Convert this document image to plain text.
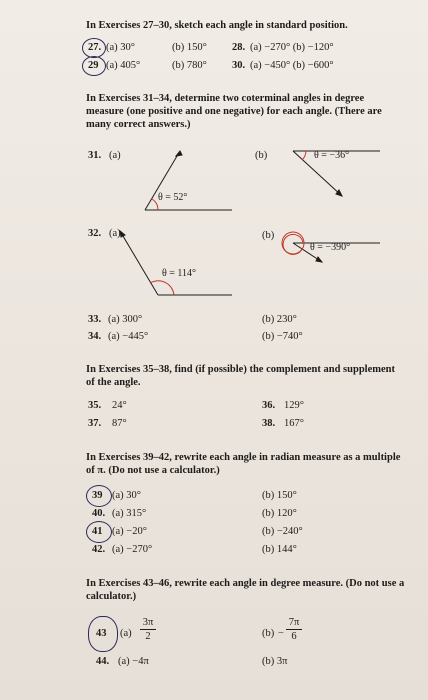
In Exercises 27–30, sketch each angle in standard position.
27. (a) 30°	(b) 150° 28. (a) −270° (b) −120°
29 (a) 405°	(b) 780° 30. (a) −450° (b) −600°
In Exercises 31–34, determine two coterminal angles in degree measure (one positive and one negative) for each angle. (There are many correct answers.)
31. (a)	(b)
θ = 52°
θ = −36°
32. (a)	(b)
θ = 114°
θ = −390°
33. (a) 300°	(b) 230°
34. (a) −445°	(b) −740°
In Exercises 35–38, find (if possible) the complement and supplement of the angle.
35. 24°	36. 129°
37. 87°	38. 167°
In Exercises 39–42, rewrite each angle in radian measure as a multiple of π. (Do not use a calculator.)
39 (a) 30°	(b) 150°
40. (a) 315°	(b) 120°
41 (a) −20°	(b) −240°
42. (a) −270°	(b) 144°
In Exercises 43–46, rewrite each angle in degree measure. (Do not use a calculator.)
43 (a)
3π
2	(b) −
7π
6
44. (a) −4π	(b) 3π
